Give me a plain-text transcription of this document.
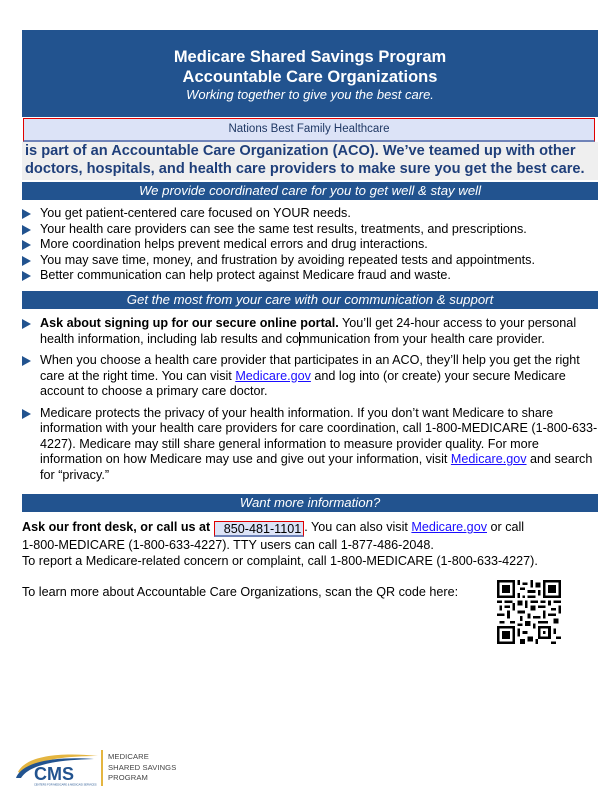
Medicare Shared Savings Program
Accountable Care Organizations
Working together to give you the best care.
Nations Best Family Healthcare
is part of an Accountable Care Organization (ACO). We’ve teamed up with other
doctors, hospitals, and health care providers to make sure you get the best care.
We provide coordinated care for you to get well & stay well
You get patient-centered care focused on YOUR needs.
Your health care providers can see the same test results, treatments, and prescriptions.
More coordination helps prevent medical errors and drug interactions.
You may save time, money, and frustration by avoiding repeated tests and appointments.
Better communication can help protect against Medicare fraud and waste.
Get the most from your care with our communication & support
Ask about signing up for our secure online portal. You’ll get 24-hour access to your personal health information, including lab results and communication from your health care provider.
When you choose a health care provider that participates in an ACO, they’ll help you get the right care at the right time. You can visit Medicare.gov and log into (or create) your secure Medicare account to choose a primary care doctor.
Medicare protects the privacy of your health information. If you don’t want Medicare to share information with your health care providers for care coordination, call 1-800-MEDICARE (1-800-633-4227). Medicare may still share general information to measure provider quality. For more information on how Medicare may use and give out your information, visit Medicare.gov and search for “privacy.”
Want more information?
Ask our front desk, or call us at 850-481-1101 . You can also visit Medicare.gov or call
1-800-MEDICARE (1-800-633-4227). TTY users can call 1-877-486-2048.
To report a Medicare-related concern or complaint, call 1-800-MEDICARE (1-800-633-4227).
To learn more about Accountable Care Organizations, scan the QR code here:
CMS
CENTERS FOR MEDICARE & MEDICAID SERVICES
MEDICARE
SHARED SAVINGS
PROGRAM
